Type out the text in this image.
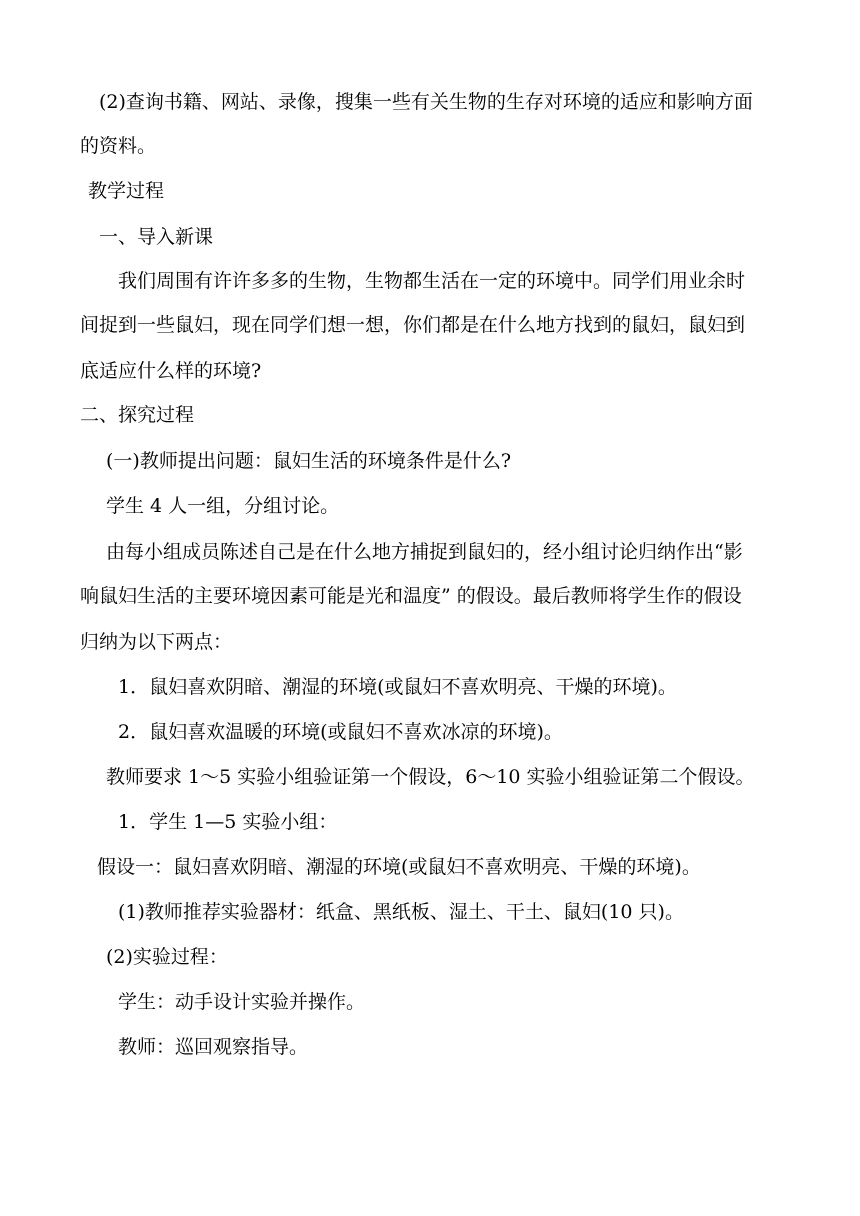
(2)查询书籍、网站、录像，搜集一些有关生物的生存对环境的适应和影响方面
的资料。
教学过程
一、导入新课
我们周围有许许多多的生物，生物都生活在一定的环境中。同学们用业余时
间捉到一些鼠妇，现在同学们想一想，你们都是在什么地方找到的鼠妇，鼠妇到
底适应什么样的环境?
二、探究过程
(一)教师提出问题：鼠妇生活的环境条件是什么?
学生 4 人一组，分组讨论。
由每小组成员陈述自己是在什么地方捕捉到鼠妇的，经小组讨论归纳作出“影
响鼠妇生活的主要环境因素可能是光和温度” 的假设。最后教师将学生作的假设
归纳为以下两点：
1．鼠妇喜欢阴暗、潮湿的环境(或鼠妇不喜欢明亮、干燥的环境)。
2．鼠妇喜欢温暖的环境(或鼠妇不喜欢冰凉的环境)。
教师要求 1～5 实验小组验证第一个假设，6～10 实验小组验证第二个假设。
1．学生 1—5 实验小组：
假设一：鼠妇喜欢阴暗、潮湿的环境(或鼠妇不喜欢明亮、干燥的环境)。
(1)教师推荐实验器材：纸盒、黑纸板、湿土、干土、鼠妇(10 只)。
(2)实验过程：
学生：动手设计实验并操作。
教师：巡回观察指导。
